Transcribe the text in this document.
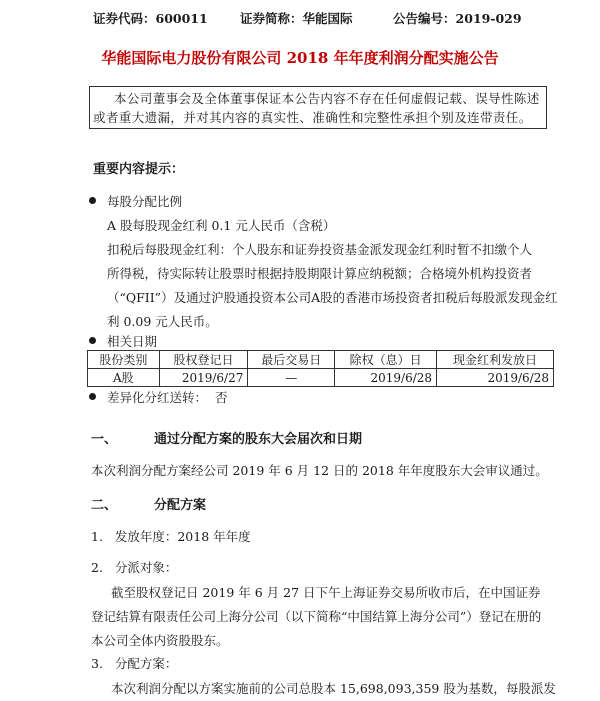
证券代码：600011	证券简称：华能国际	公告编号：2019-029
华能国际电力股份有限公司 2018 年年度利润分配实施公告
本公司董事会及全体董事保证本公告内容不存在任何虚假记载、误导性陈述
或者重大遗漏，并对其内容的真实性、准确性和完整性承担个别及连带责任。
重要内容提示：
每股分配比例
A 股每股现金红利 0.1 元人民币（含税）
扣税后每股现金红利：个人股东和证券投资基金派发现金红利时暂不扣缴个人
所得税，待实际转让股票时根据持股期限计算应纳税额；合格境外机构投资者
（“QFII”）及通过沪股通投资本公司A股的香港市场投资者扣税后每股派发现金红
利 0.09 元人民币。
相关日期
股份类别	股权登记日	最后交易日	除权（息）日	现金红利发放日
A股	2019/6/27	—	2019/6/28	2019/6/28
差异化分红送转：  否
一、	通过分配方案的股东大会届次和日期
本次利润分配方案经公司 2019 年 6 月 12 日的 2018 年年度股东大会审议通过。
二、	分配方案
1.   发放年度：2018 年年度
2.   分派对象：
截至股权登记日 2019 年 6 月 27 日下午上海证券交易所收市后，在中国证券
登记结算有限责任公司上海分公司（以下简称“中国结算上海分公司”）登记在册的
本公司全体内资股股东。
3.   分配方案：
本次利润分配以方案实施前的公司总股本 15,698,093,359 股为基数，每股派发
